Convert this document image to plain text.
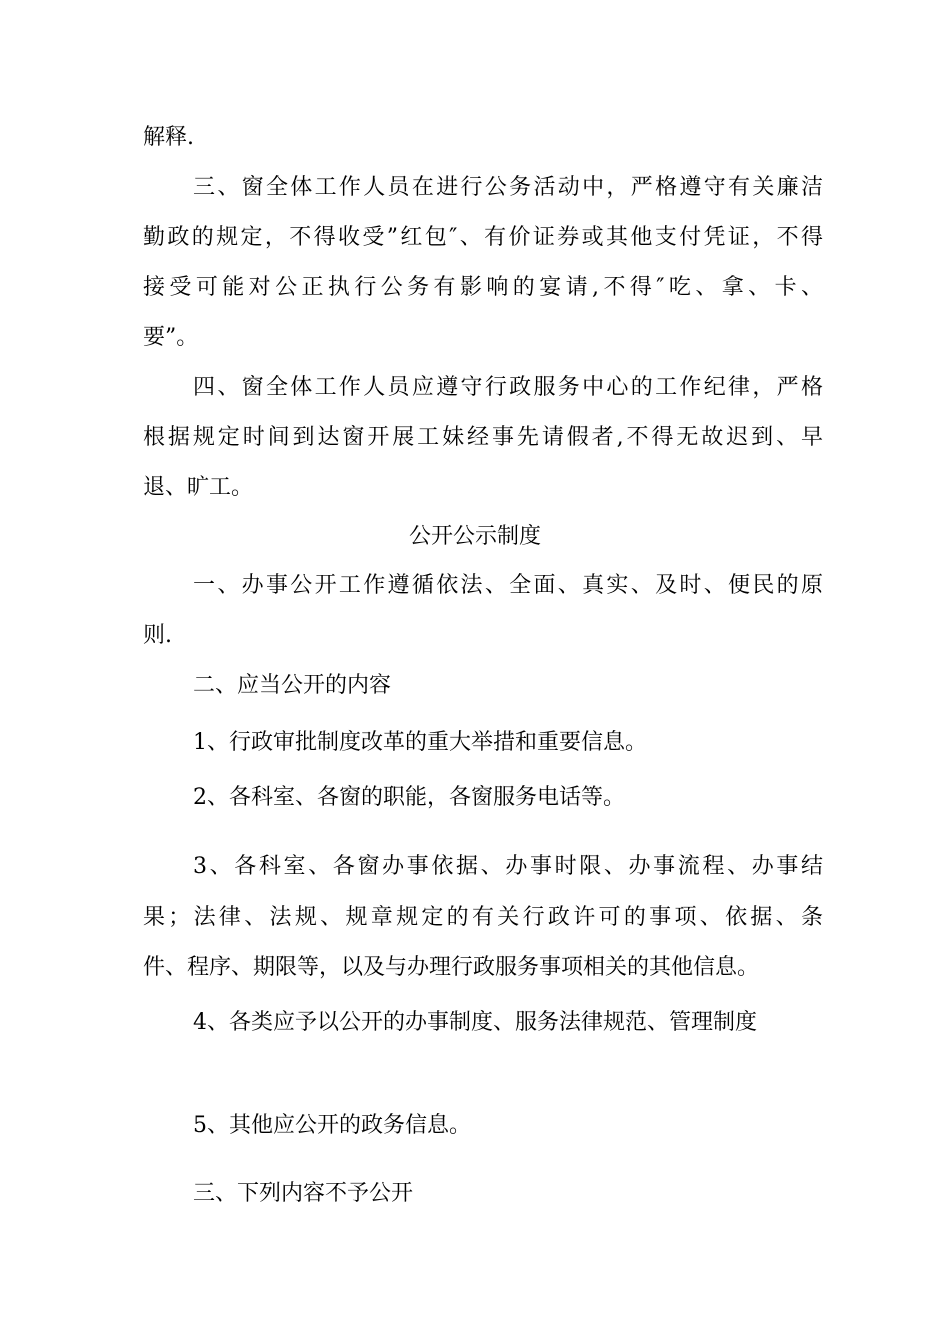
解释.
三、窗全体工作人员在进行公务活动中，严格遵守有关廉洁
勤政的规定，不得收受”红包″、有价证券或其他支付凭证，不得
接受可能对公正执行公务有影响的宴请,不得″吃、拿、卡、
要”。
四、窗全体工作人员应遵守行政服务中心的工作纪律，严格
根据规定时间到达窗开展工妹经事先请假者,不得无故迟到、早
退、旷工。
公开公示制度
一、办事公开工作遵循依法、全面、真实、及时、便民的原
则.
二、应当公开的内容
1、行政审批制度改革的重大举措和重要信息。
2、各科室、各窗的职能，各窗服务电话等。
3、各科室、各窗办事依据、办事时限、办事流程、办事结
果；法律、法规、规章规定的有关行政许可的事项、依据、条
件、程序、期限等，以及与办理行政服务事项相关的其他信息。
4、各类应予以公开的办事制度、服务法律规范、管理制度
5、其他应公开的政务信息。
三、下列内容不予公开
